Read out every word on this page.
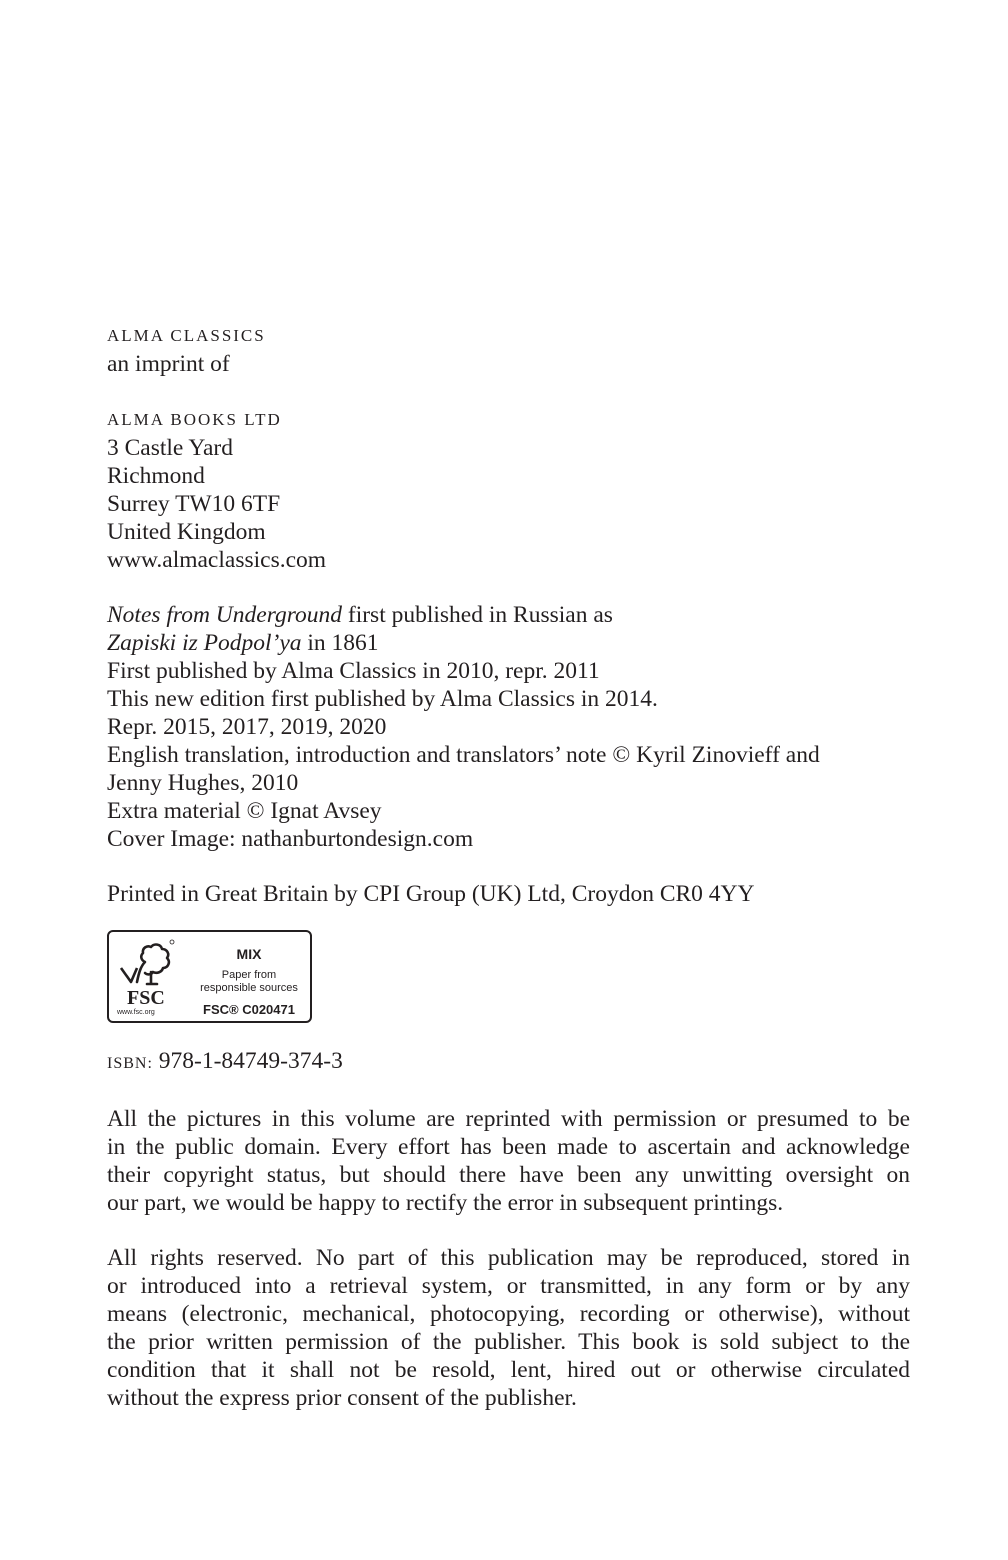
ALMA CLASSICS
an imprint of
ALMA BOOKS LTD
3 Castle Yard
Richmond
Surrey TW10 6TF
United Kingdom
www.almaclassics.com
Notes from Underground first published in Russian as
Zapiski iz Podpol’ya in 1861
First published by Alma Classics in 2010, repr. 2011
This new edition first published by Alma Classics in 2014.
Repr. 2015, 2017, 2019, 2020
English translation, introduction and translators’ note © Kyril Zinovieff and
Jenny Hughes, 2010
Extra material © Ignat Avsey
Cover Image: nathanburtondesign.com
Printed in Great Britain by CPI Group (UK) Ltd, Croydon CR0 4YY
FSC
www.fsc.org
MIX
Paper from
responsible sources
FSC® C020471
ISBN: 978-1-84749-374-3
All the pictures in this volume are reprinted with permission or presumed to be
in the public domain. Every effort has been made to ascertain and acknowledge
their copyright status, but should there have been any unwitting oversight on
our part, we would be happy to rectify the error in subsequent printings.
All rights reserved. No part of this publication may be reproduced, stored in
or introduced into a retrieval system, or transmitted, in any form or by any
means (electronic, mechanical, photocopying, recording or otherwise), without
the prior written permission of the publisher. This book is sold subject to the
condition that it shall not be resold, lent, hired out or otherwise circulated
without the express prior consent of the publisher.
